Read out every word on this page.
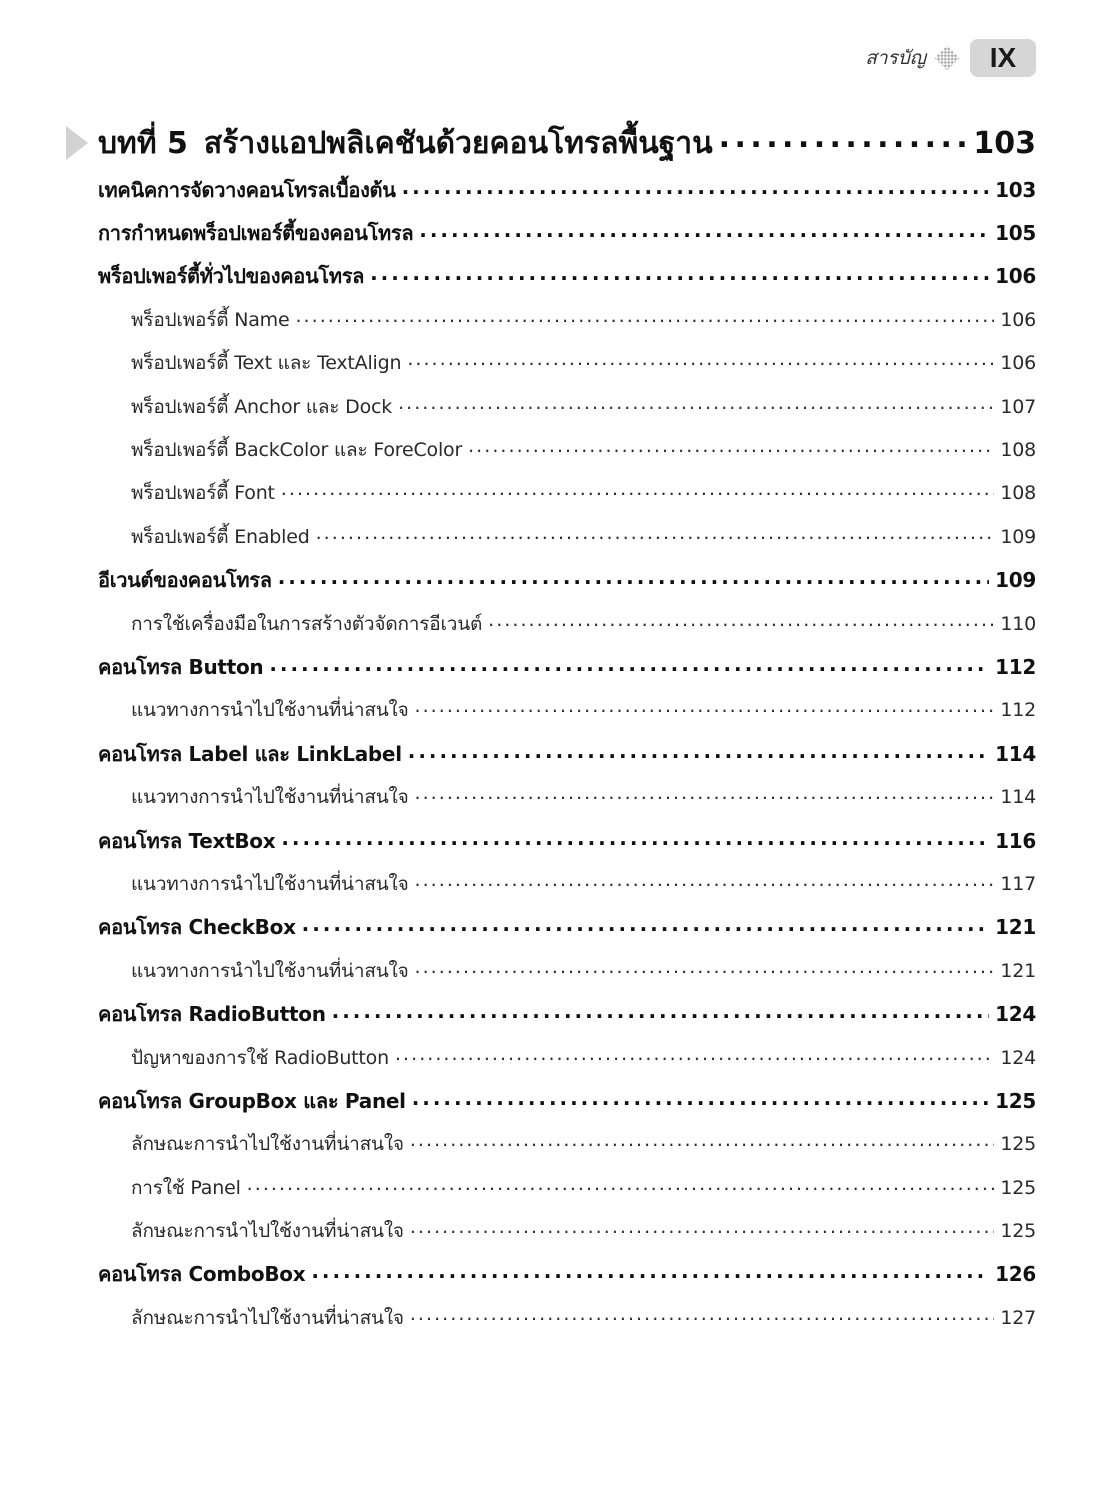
สารบัญ	IX
บทที่ 5 สร้างแอปพลิเคชันด้วยคอนโทรลพื้นฐาน . . .	103
เทคนิคการจัดวางคอนโทรลเบื้องต้น . . .	103
การกำหนดพร็อปเพอร์ตี้ของคอนโทรล . . .	105
พร็อปเพอร์ตี้ทั่วไปของคอนโทรล . . .	106
พร็อปเพอร์ตี้ Name . . .	106
พร็อปเพอร์ตี้ Text และ TextAlign . . .	106
พร็อปเพอร์ตี้ Anchor และ Dock . . .	107
พร็อปเพอร์ตี้ BackColor และ ForeColor . . .	108
พร็อปเพอร์ตี้ Font . . .	108
พร็อปเพอร์ตี้ Enabled . . .	109
อีเวนต์ของคอนโทรล . . .	109
การใช้เครื่องมือในการสร้างตัวจัดการอีเวนต์ . . .	110
คอนโทรล Button . . .	112
แนวทางการนำไปใช้งานที่น่าสนใจ . . .	112
คอนโทรล Label และ LinkLabel . . .	114
แนวทางการนำไปใช้งานที่น่าสนใจ . . .	114
คอนโทรล TextBox . . .	116
แนวทางการนำไปใช้งานที่น่าสนใจ . . .	117
คอนโทรล CheckBox . . .	121
แนวทางการนำไปใช้งานที่น่าสนใจ . . .	121
คอนโทรล RadioButton . . .	124
ปัญหาของการใช้ RadioButton . . .	124
คอนโทรล GroupBox และ Panel . . .	125
ลักษณะการนำไปใช้งานที่น่าสนใจ . . .	125
การใช้ Panel . . .	125
ลักษณะการนำไปใช้งานที่น่าสนใจ . . .	125
คอนโทรล ComboBox . . .	126
ลักษณะการนำไปใช้งานที่น่าสนใจ . . .	127
